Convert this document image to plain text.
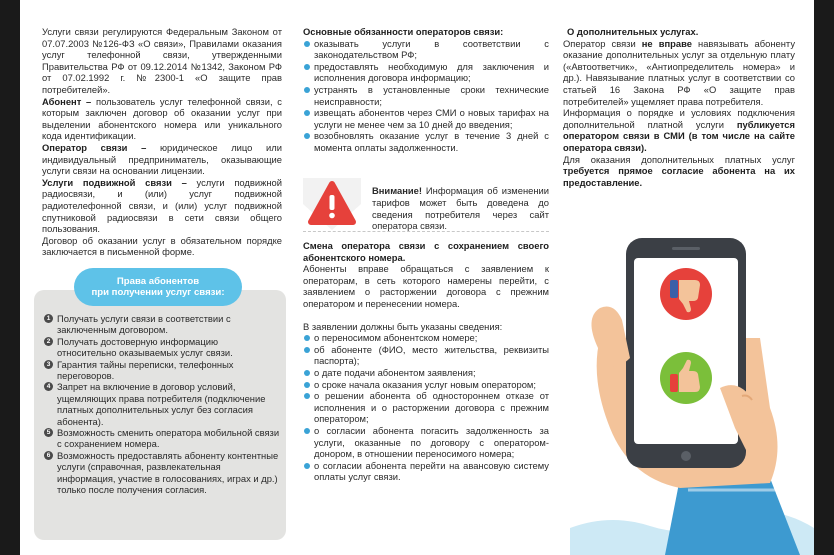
Услуги связи регулируются Федеральным Законом от 07.07.2003 №126-ФЗ «О связи», Правилами оказания услуг телефонной связи, утвержденными Правительства РФ от 09.12.2014 №1342, Законом РФ от 07.02.1992 г. №2300-1 «О защите прав потребителей».

Абонент – пользователь услуг телефонной связи, с которым заключен договор об оказании услуг при выделении абонентского номера или уникального кода идентификации.

Оператор связи – юридическое лицо или индивидуальный предприниматель, оказывающие услуги связи на основании лицензии.

Услуги подвижной связи – услуги подвижной радиосвязи, и (или) услуг подвижной радиотелефонной связи, и (или) услуг подвижной спутниковой радиосвязи в сети связи общего пользования.

Договор об оказании услуг в обязательном порядке заключается в письменной форме.

Права абонентов
при получении услуг связи:
1 Получать услуги связи в соответствии с заключенным договором.
2 Получать достоверную информацию относительно оказываемых услуг связи.
3 Гарантия тайны переписки, телефонных переговоров.
4 Запрет на включение в договор условий, ущемляющих права потребителя (подключение платных дополнительных услуг без согласия абонента).
5 Возможность сменить оператора мобильной связи с сохранением номера.
6 Возможность предоставлять абоненту контентные услуги (справочная, развлекательная информация, участие в голосованиях, играх и др.) только после получения согласия.

Основные обязанности операторов связи:

оказывать услуги в соответствии с законодательством РФ;

предоставлять необходимую для заключения и исполнения договора информацию;

устранять в установленные сроки технические неисправности;

извещать абонентов через СМИ о новых тарифах на услуги не менее чем за 10 дней до введения;

возобновлять оказание услуг в течение 3 дней с момента оплаты задолженности.

Внимание! Информация об изменении тарифов может быть доведена до сведения потребителя через сайт оператора связи.

Смена оператора связи с сохранением своего абонентского номера.

Абоненты вправе обращаться с заявлением к операторам, в сеть которого намерены перейти, с заявлением о расторжении договора с прежним оператором и перенесении номера.

В заявлении должны быть указаны сведения:

о переносимом абонентском номере;

об абоненте (ФИО, место жительства, реквизиты паспорта);

о дате подачи абонентом заявления;

о сроке начала оказания услуг новым оператором;

о решении абонента об одностороннем отказе от исполнения и о расторжении договора с прежним оператором;

о согласии абонента погасить задолженность за услуги, оказанные по договору с оператором-донором, в отношении переносимого номера;

о согласии абонента перейти на авансовую систему оплаты услуг связи.

О дополнительных услугах.

Оператор связи не вправе навязывать абоненту оказание дополнительных услуг за отдельную плату («Автоответчик», «Антиопределитель номера» и др.). Навязывание платных услуг в соответствии со статьей 16 Закона РФ «О защите прав потребителей» ущемляет права потребителя.

Информация о порядке и условиях подключения дополнительной платной услуги публикуется оператором связи в СМИ (в том числе на сайте оператора связи).

Для оказания дополнительных платных услуг требуется прямое согласие абонента на их предоставление.
